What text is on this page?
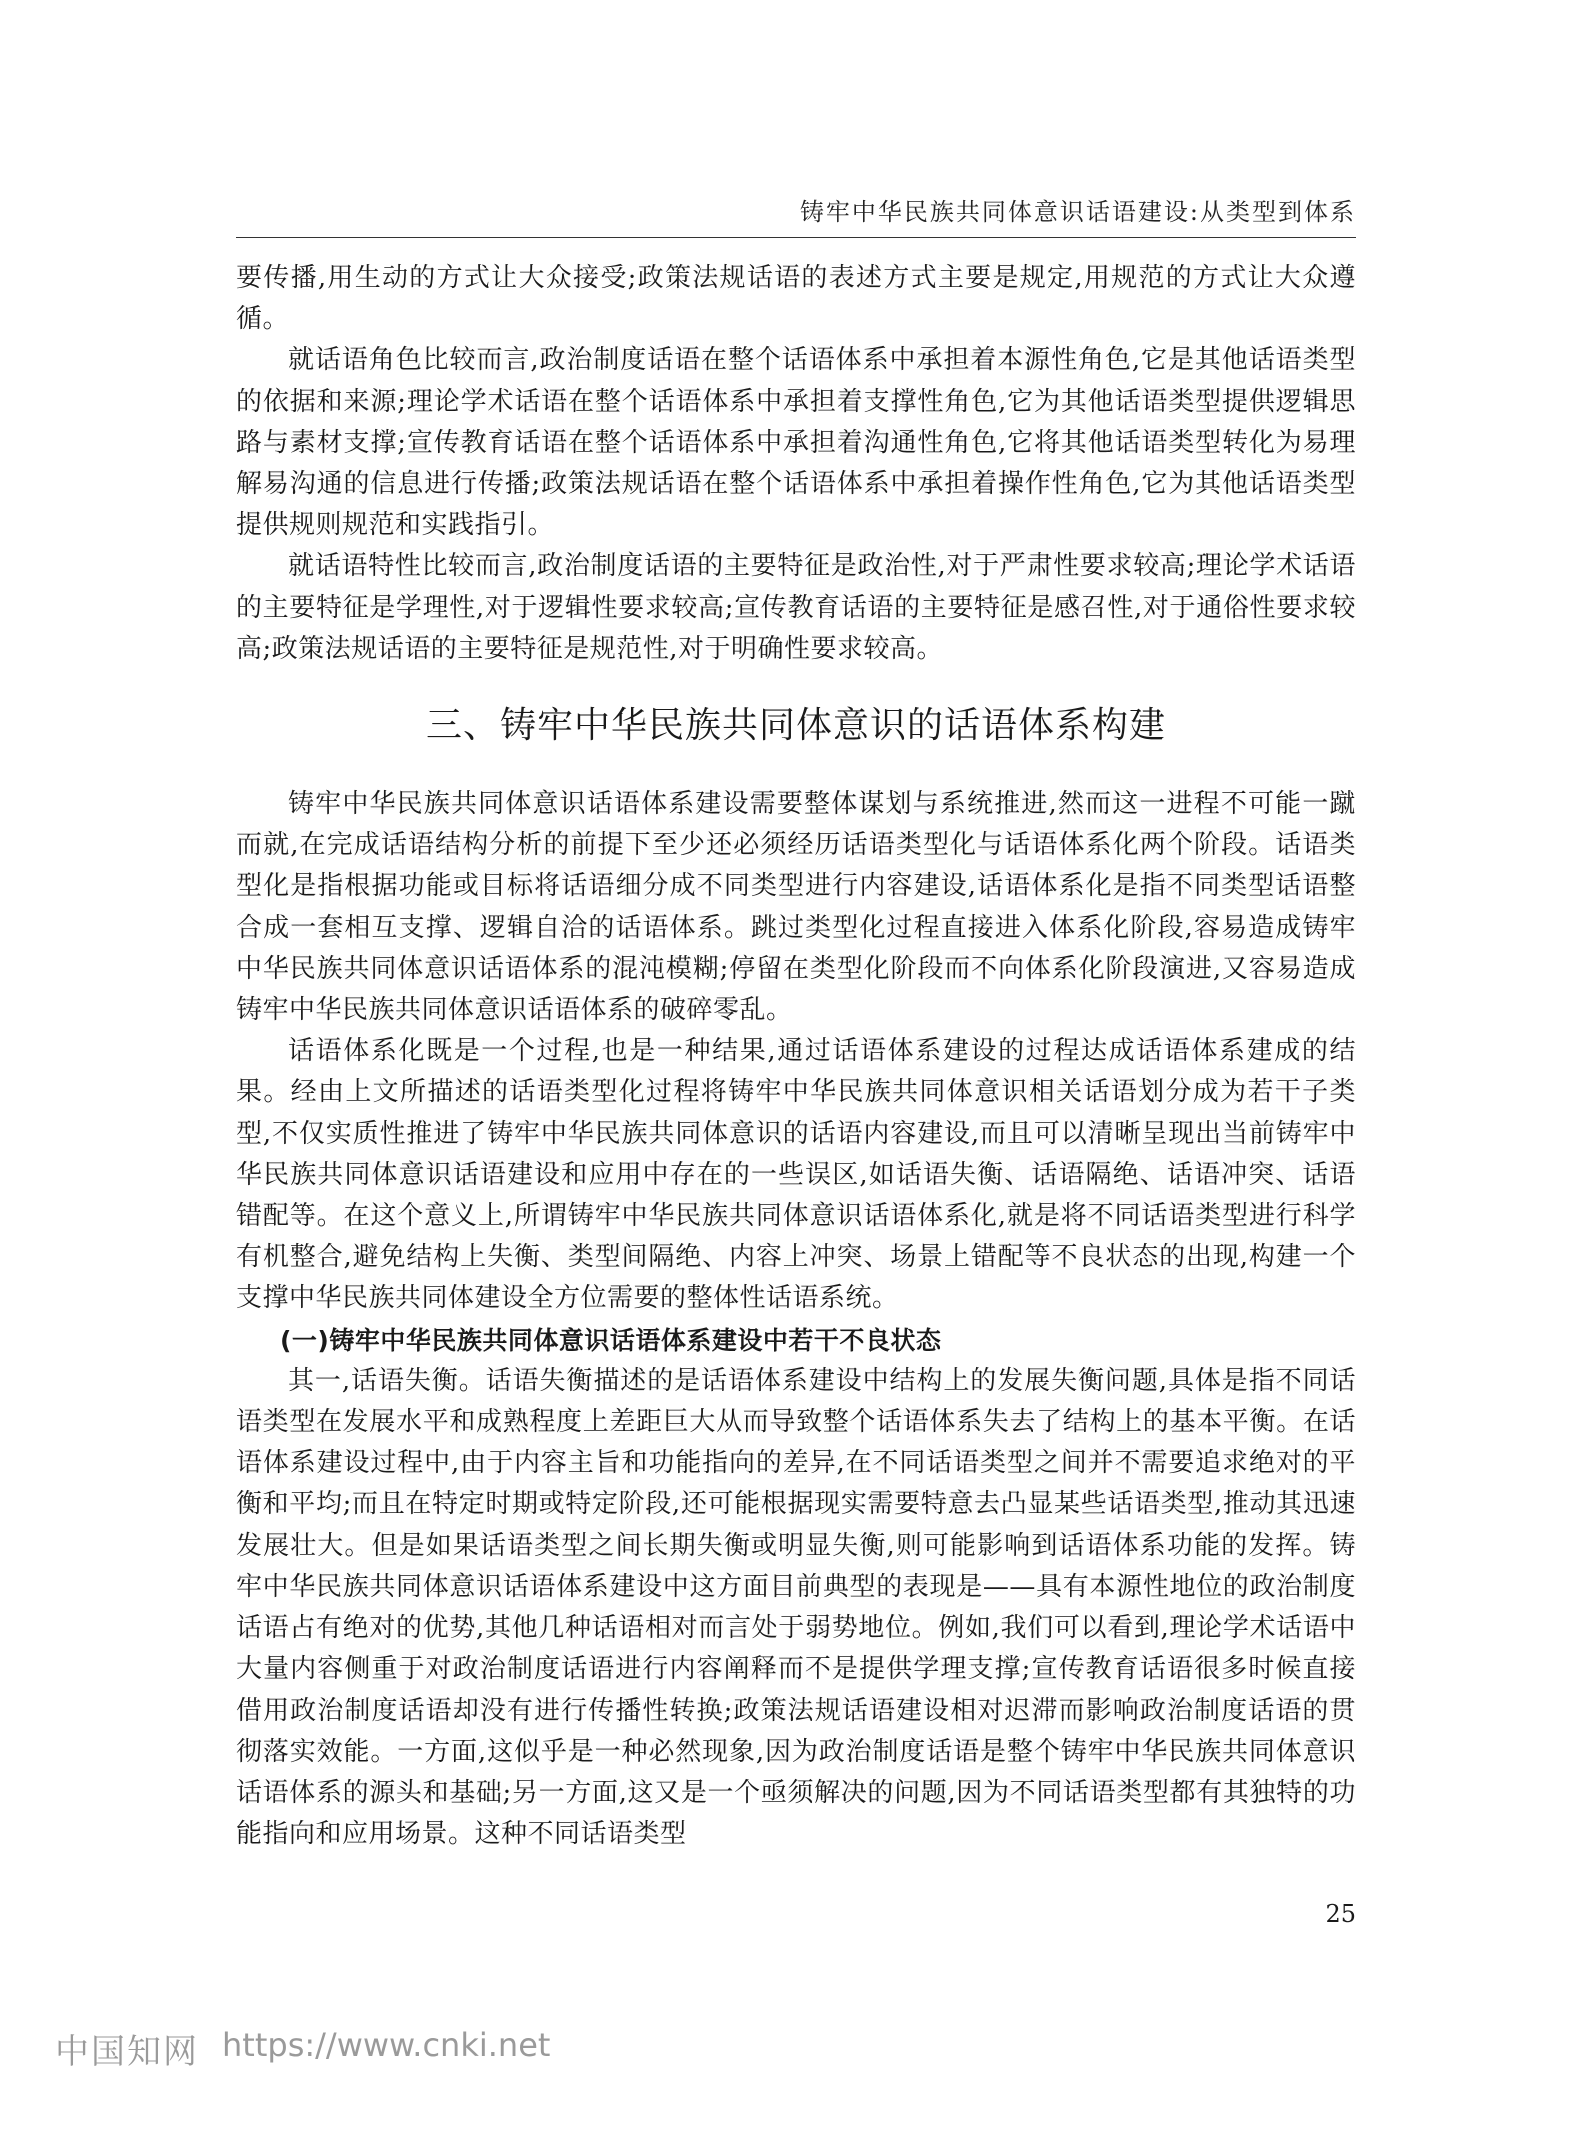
铸牢中华民族共同体意识话语建设:从类型到体系

要传播,用生动的方式让大众接受;政策法规话语的表述方式主要是规定,用规范的方式让大众遵循。

就话语角色比较而言,政治制度话语在整个话语体系中承担着本源性角色,它是其他话语类型的依据和来源;理论学术话语在整个话语体系中承担着支撑性角色,它为其他话语类型提供逻辑思路与素材支撑;宣传教育话语在整个话语体系中承担着沟通性角色,它将其他话语类型转化为易理解易沟通的信息进行传播;政策法规话语在整个话语体系中承担着操作性角色,它为其他话语类型提供规则规范和实践指引。

就话语特性比较而言,政治制度话语的主要特征是政治性,对于严肃性要求较高;理论学术话语的主要特征是学理性,对于逻辑性要求较高;宣传教育话语的主要特征是感召性,对于通俗性要求较高;政策法规话语的主要特征是规范性,对于明确性要求较高。

三、铸牢中华民族共同体意识的话语体系构建

铸牢中华民族共同体意识话语体系建设需要整体谋划与系统推进,然而这一进程不可能一蹴而就,在完成话语结构分析的前提下至少还必须经历话语类型化与话语体系化两个阶段。话语类型化是指根据功能或目标将话语细分成不同类型进行内容建设,话语体系化是指不同类型话语整合成一套相互支撑、逻辑自洽的话语体系。跳过类型化过程直接进入体系化阶段,容易造成铸牢中华民族共同体意识话语体系的混沌模糊;停留在类型化阶段而不向体系化阶段演进,又容易造成铸牢中华民族共同体意识话语体系的破碎零乱。

话语体系化既是一个过程,也是一种结果,通过话语体系建设的过程达成话语体系建成的结果。经由上文所描述的话语类型化过程将铸牢中华民族共同体意识相关话语划分成为若干子类型,不仅实质性推进了铸牢中华民族共同体意识的话语内容建设,而且可以清晰呈现出当前铸牢中华民族共同体意识话语建设和应用中存在的一些误区,如话语失衡、话语隔绝、话语冲突、话语错配等。在这个意义上,所谓铸牢中华民族共同体意识话语体系化,就是将不同话语类型进行科学有机整合,避免结构上失衡、类型间隔绝、内容上冲突、场景上错配等不良状态的出现,构建一个支撑中华民族共同体建设全方位需要的整体性话语系统。

(一)铸牢中华民族共同体意识话语体系建设中若干不良状态

其一,话语失衡。话语失衡描述的是话语体系建设中结构上的发展失衡问题,具体是指不同话语类型在发展水平和成熟程度上差距巨大从而导致整个话语体系失去了结构上的基本平衡。在话语体系建设过程中,由于内容主旨和功能指向的差异,在不同话语类型之间并不需要追求绝对的平衡和平均;而且在特定时期或特定阶段,还可能根据现实需要特意去凸显某些话语类型,推动其迅速发展壮大。但是如果话语类型之间长期失衡或明显失衡,则可能影响到话语体系功能的发挥。铸牢中华民族共同体意识话语体系建设中这方面目前典型的表现是——具有本源性地位的政治制度话语占有绝对的优势,其他几种话语相对而言处于弱势地位。例如,我们可以看到,理论学术话语中大量内容侧重于对政治制度话语进行内容阐释而不是提供学理支撑;宣传教育话语很多时候直接借用政治制度话语却没有进行传播性转换;政策法规话语建设相对迟滞而影响政治制度话语的贯彻落实效能。一方面,这似乎是一种必然现象,因为政治制度话语是整个铸牢中华民族共同体意识话语体系的源头和基础;另一方面,这又是一个亟须解决的问题,因为不同话语类型都有其独特的功能指向和应用场景。这种不同话语类型

25
中国知网 https://www.cnki.net
